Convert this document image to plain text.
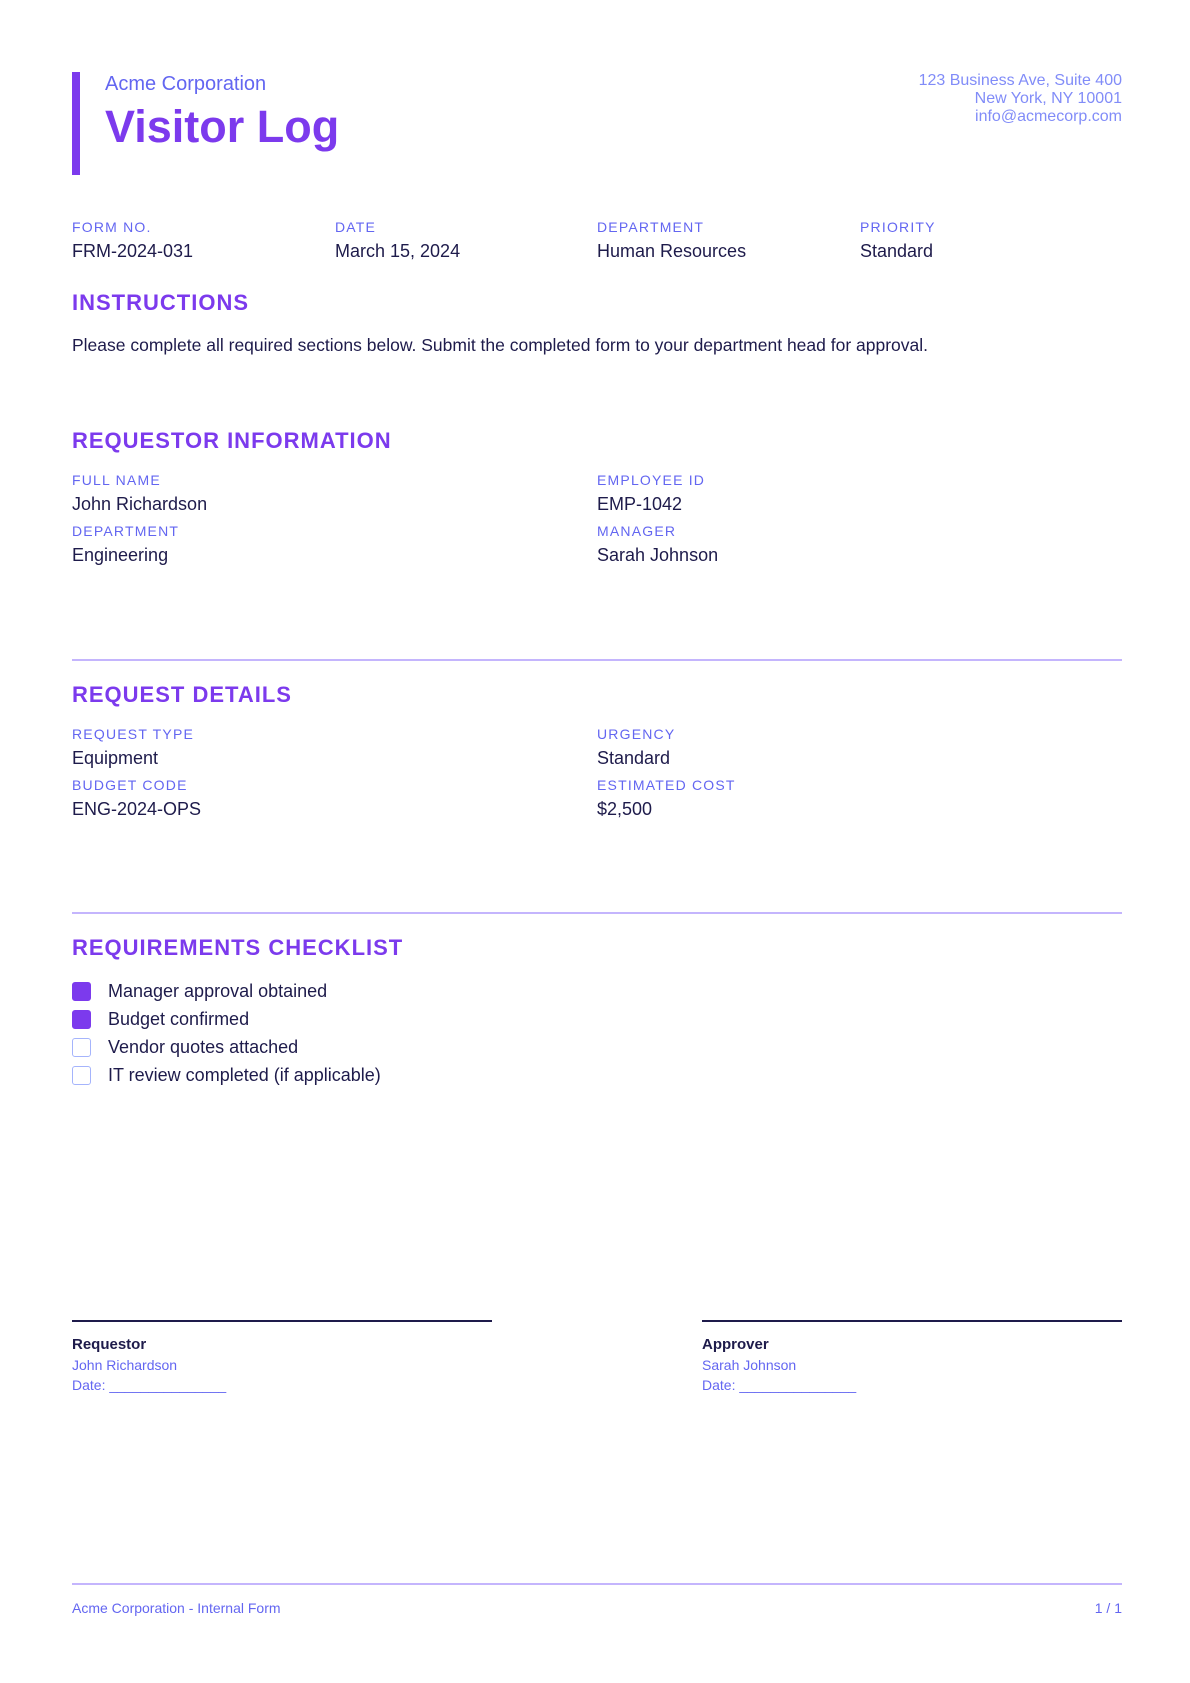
Acme Corporation
Visitor Log
123 Business Ave, Suite 400
New York, NY 10001
info@acmecorp.com
FORM NO.
FRM-2024-031
DATE
March 15, 2024
DEPARTMENT
Human Resources
PRIORITY
Standard
INSTRUCTIONS
Please complete all required sections below. Submit the completed form to your department head for approval.
REQUESTOR INFORMATION
FULL NAME
John Richardson
EMPLOYEE ID
EMP-1042
DEPARTMENT
Engineering
MANAGER
Sarah Johnson
REQUEST DETAILS
REQUEST TYPE
Equipment
URGENCY
Standard
BUDGET CODE
ENG-2024-OPS
ESTIMATED COST
$2,500
REQUIREMENTS CHECKLIST
Manager approval obtained
Budget confirmed
Vendor quotes attached
IT review completed (if applicable)
Requestor
John Richardson
Date: _______________
Approver
Sarah Johnson
Date: _______________
Acme Corporation - Internal Form	1 / 1
